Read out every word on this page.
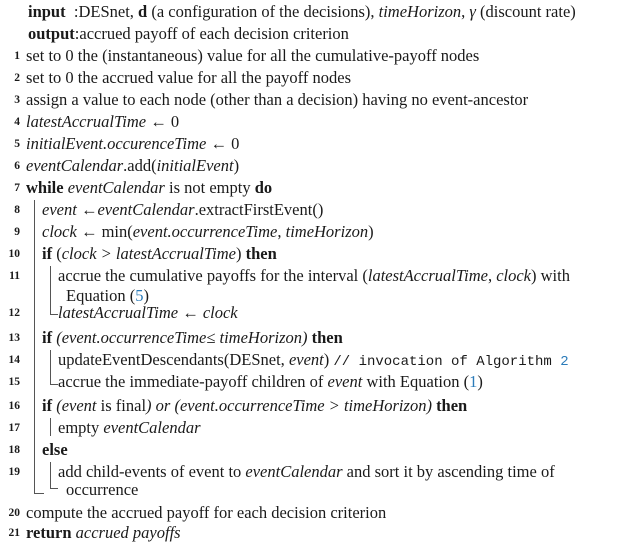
input  :DESnet, d (a configuration of the decisions), timeHorizon, γ (discount rate)
output:accrued payoff of each decision criterion
1 set to 0 the (instantaneous) value for all the cumulative-payoff nodes
2 set to 0 the accrued value for all the payoff nodes
3 assign a value to each node (other than a decision) having no event-ancestor
4 latestAccrualTime ← 0
5 initialEvent.occurenceTime ← 0
6 eventCalendar.add(initialEvent)
7 while eventCalendar is not empty do
8 event ←eventCalendar.extractFirstEvent()
9 clock ← min(event.occurrenceTime, timeHorizon)
10 if (clock > latestAccrualTime) then
11 accrue the cumulative payoffs for the interval (latestAccrualTime, clock) with
Equation (5)
12 latestAccrualTime ← clock
13 if (event.occurrenceTime≤ timeHorizon) then
14 updateEventDescendants(DESnet, event) // invocation of Algorithm 2
15 accrue the immediate-payoff children of event with Equation (1)
16 if (event is final) or (event.occurrenceTime > timeHorizon) then
17 empty eventCalendar
18 else
19 add child-events of event to eventCalendar and sort it by ascending time of
occurrence
20 compute the accrued payoff for each decision criterion
21 return accrued payoffs
